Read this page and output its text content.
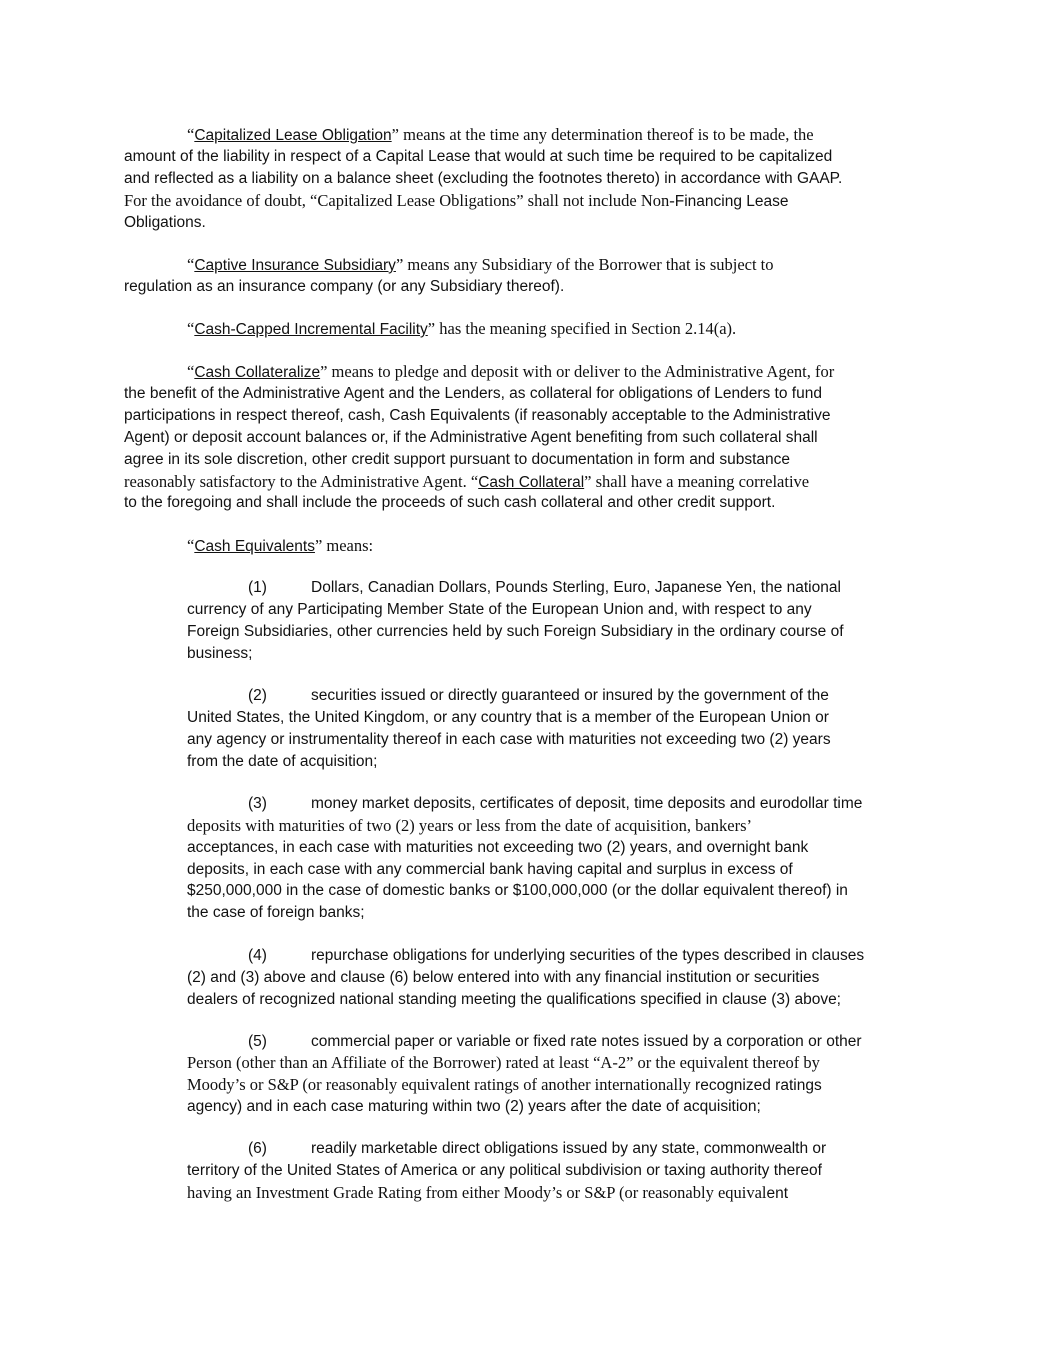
“Capitalized Lease Obligation” means at the time any determination thereof is to be made, the
amount of the liability in respect of a Capital Lease that would at such time be required to be capitalized
and reflected as a liability on a balance sheet (excluding the footnotes thereto) in accordance with GAAP.
For the avoidance of doubt, “Capitalized Lease Obligations” shall not include Non-Financing Lease
Obligations.
“Captive Insurance Subsidiary” means any Subsidiary of the Borrower that is subject to
regulation as an insurance company (or any Subsidiary thereof).
“Cash-Capped Incremental Facility” has the meaning specified in Section 2.14(a).
“Cash Collateralize” means to pledge and deposit with or deliver to the Administrative Agent, for
the benefit of the Administrative Agent and the Lenders, as collateral for obligations of Lenders to fund
participations in respect thereof, cash, Cash Equivalents (if reasonably acceptable to the Administrative
Agent) or deposit account balances or, if the Administrative Agent benefiting from such collateral shall
agree in its sole discretion, other credit support pursuant to documentation in form and substance
reasonably satisfactory to the Administrative Agent. “Cash Collateral” shall have a meaning correlative
to the foregoing and shall include the proceeds of such cash collateral and other credit support.
“Cash Equivalents” means:
(1)	Dollars, Canadian Dollars, Pounds Sterling, Euro, Japanese Yen, the national
currency of any Participating Member State of the European Union and, with respect to any
Foreign Subsidiaries, other currencies held by such Foreign Subsidiary in the ordinary course of
business;
(2)	securities issued or directly guaranteed or insured by the government of the
United States, the United Kingdom, or any country that is a member of the European Union or
any agency or instrumentality thereof in each case with maturities not exceeding two (2) years
from the date of acquisition;
(3)	money market deposits, certificates of deposit, time deposits and eurodollar time
deposits with maturities of two (2) years or less from the date of acquisition, bankers’
acceptances, in each case with maturities not exceeding two (2) years, and overnight bank
deposits, in each case with any commercial bank having capital and surplus in excess of
$250,000,000 in the case of domestic banks or $100,000,000 (or the dollar equivalent thereof) in
the case of foreign banks;
(4)	repurchase obligations for underlying securities of the types described in clauses
(2) and (3) above and clause (6) below entered into with any financial institution or securities
dealers of recognized national standing meeting the qualifications specified in clause (3) above;
(5)	commercial paper or variable or fixed rate notes issued by a corporation or other
Person (other than an Affiliate of the Borrower) rated at least “A-2” or the equivalent thereof by
Moody’s or S&P (or reasonably equivalent ratings of another internationally recognized ratings
agency) and in each case maturing within two (2) years after the date of acquisition;
(6)	readily marketable direct obligations issued by any state, commonwealth or
territory of the United States of America or any political subdivision or taxing authority thereof
having an Investment Grade Rating from either Moody’s or S&P (or reasonably equivalent
